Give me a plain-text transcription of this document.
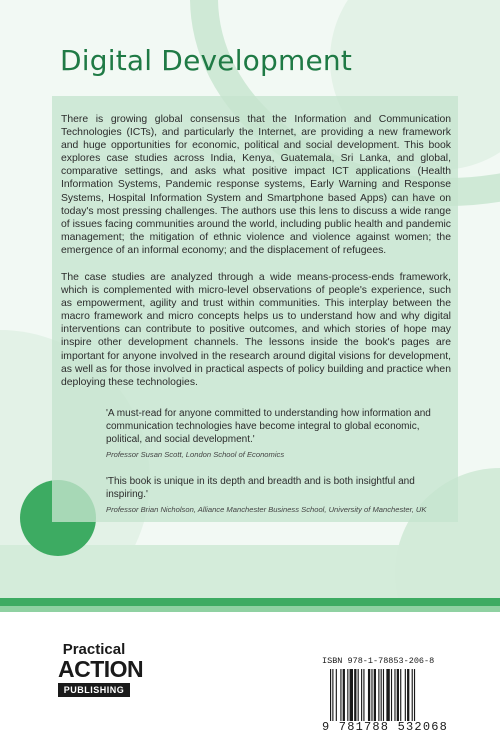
Digital Development

There is growing global consensus that the Information and Communication Technologies (ICTs), and particularly the Internet, are providing a new framework and huge opportunities for economic, political and social development. This book explores case studies across India, Kenya, Guatemala, Sri Lanka, and global, comparative settings, and asks what positive impact ICT applications (Health Information Systems, Pandemic response systems, Early Warning and Response Systems, Hospital Information System and Smartphone based Apps) can have on today's most pressing challenges. The authors use this lens to discuss a wide range of issues facing communities around the world, including public health and pandemic management; the mitigation of ethnic violence and violence against women; the emergence of an informal economy; and the displacement of refugees.

The case studies are analyzed through a wide means-process-ends framework, which is complemented with micro-level observations of people's experience, such as empowerment, agility and trust within communities. This interplay between the macro framework and micro concepts helps us to understand how and why digital interventions can contribute to positive outcomes, and which stories of hope may inspire other development channels. The lessons inside the book's pages are important for anyone involved in the research around digital visions for development, as well as for those involved in practical aspects of policy building and practice when deploying these technologies.

'A must-read for anyone committed to understanding how information and communication technologies have become integral to global economic, political, and social development.'

Professor Susan Scott, London School of Economics

'This book is unique in its depth and breadth and is both insightful and inspiring.'

Professor Brian Nicholson, Alliance Manchester Business School, University of Manchester, UK

Practical
ACTION
PUBLISHING

ISBN 978-1-78853-206-8

9 781788 532068
